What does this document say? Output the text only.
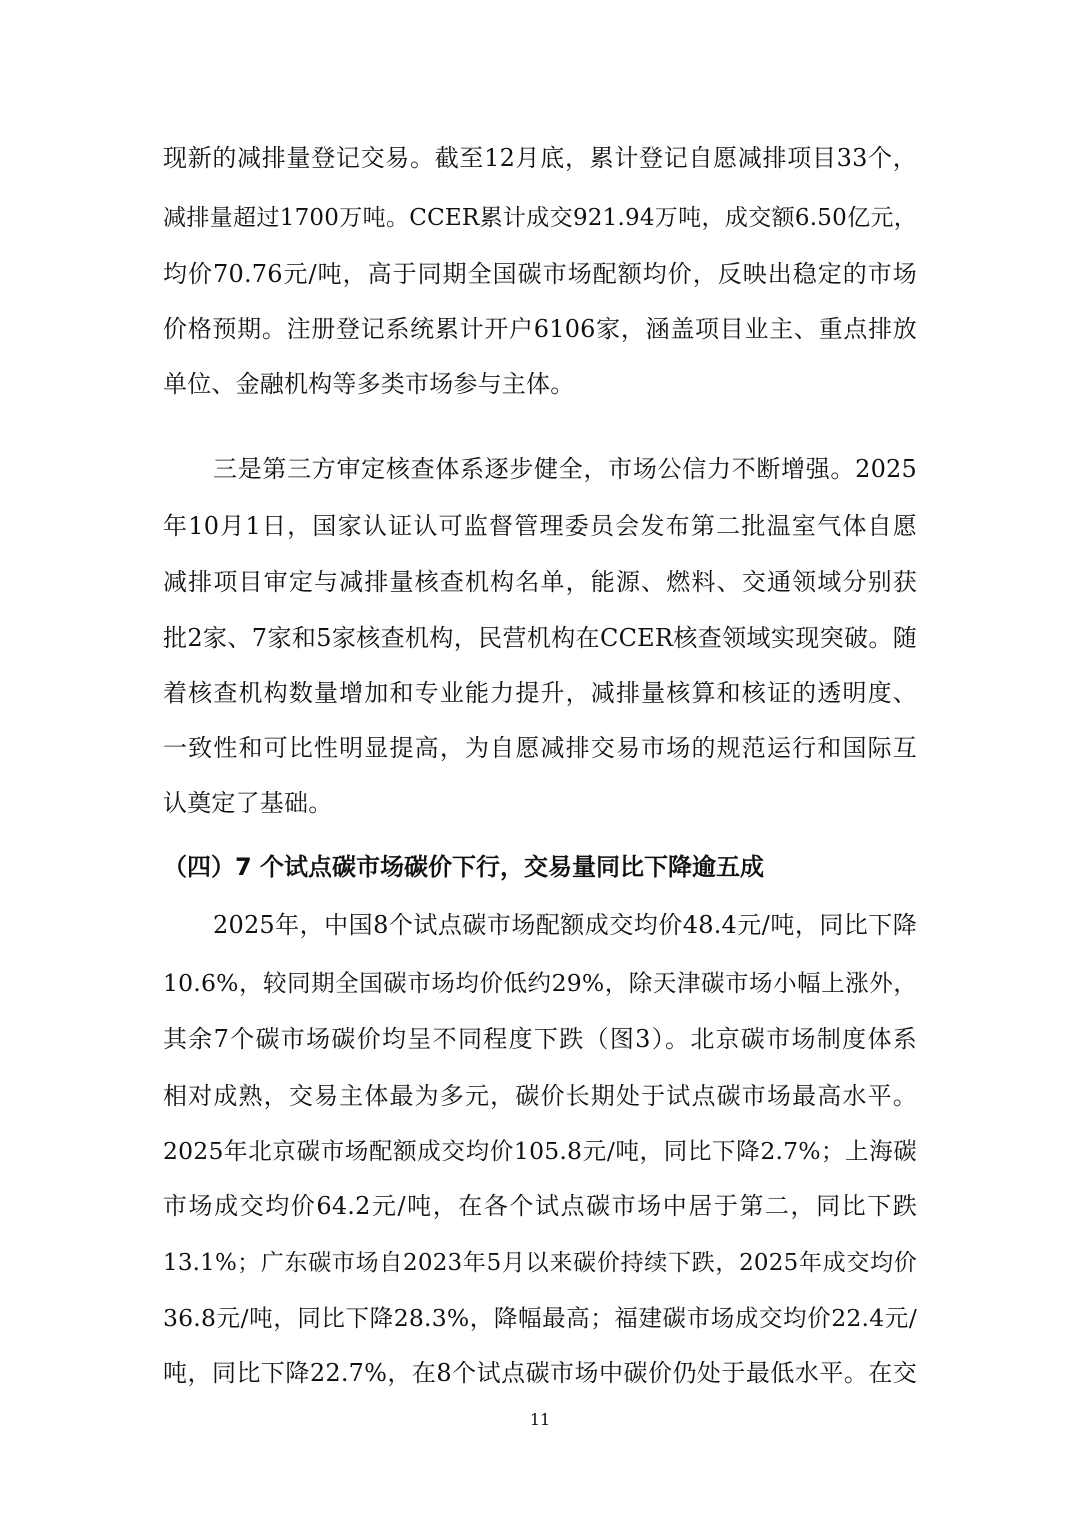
现新的减排量登记交易。截至12月底，累计登记自愿减排项目33个，
减排量超过1700万吨。CCER累计成交921.94万吨，成交额6.50亿元，
均价70.76元/吨，高于同期全国碳市场配额均价，反映出稳定的市场
价格预期。注册登记系统累计开户6106家，涵盖项目业主、重点排放
单位、金融机构等多类市场参与主体。
三是第三方审定核查体系逐步健全，市场公信力不断增强。2025
年10月1日，国家认证认可监督管理委员会发布第二批温室气体自愿
减排项目审定与减排量核查机构名单，能源、燃料、交通领域分别获
批2家、7家和5家核查机构，民营机构在CCER核查领域实现突破。随
着核查机构数量增加和专业能力提升，减排量核算和核证的透明度、
一致性和可比性明显提高，为自愿减排交易市场的规范运行和国际互
认奠定了基础。
（四）7 个试点碳市场碳价下行，交易量同比下降逾五成
2025年，中国8个试点碳市场配额成交均价48.4元/吨，同比下降
10.6%，较同期全国碳市场均价低约29%，除天津碳市场小幅上涨外，
其余7个碳市场碳价均呈不同程度下跌（图3）。北京碳市场制度体系
相对成熟，交易主体最为多元，碳价长期处于试点碳市场最高水平。
2025年北京碳市场配额成交均价105.8元/吨，同比下降2.7%；上海碳
市场成交均价64.2元/吨，在各个试点碳市场中居于第二，同比下跌
13.1%；广东碳市场自2023年5月以来碳价持续下跌，2025年成交均价
36.8元/吨，同比下降28.3%，降幅最高；福建碳市场成交均价22.4元/
吨，同比下降22.7%，在8个试点碳市场中碳价仍处于最低水平。在交
11
